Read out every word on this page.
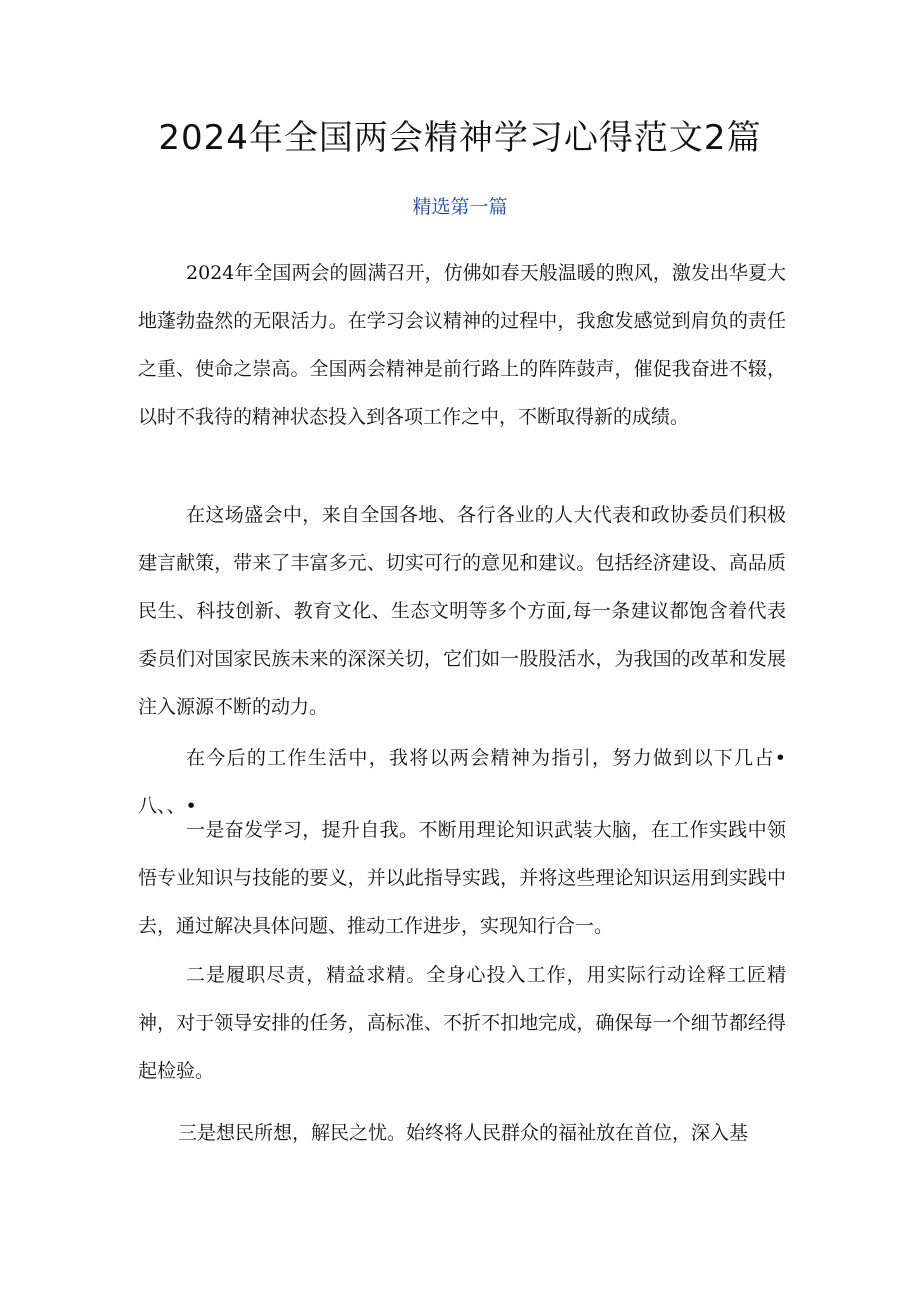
2024年全国两会精神学习心得范文2篇
精选第一篇

2024年全国两会的圆满召开，仿佛如春天般温暖的煦风，激发出华夏大地蓬勃盎然的无限活力。在学习会议精神的过程中，我愈发感觉到肩负的责任之重、使命之崇高。全国两会精神是前行路上的阵阵鼓声，催促我奋进不辍，以时不我待的精神状态投入到各项工作之中，不断取得新的成绩。

在这场盛会中，来自全国各地、各行各业的人大代表和政协委员们积极建言献策，带来了丰富多元、切实可行的意见和建议。包括经济建设、高品质民生、科技创新、教育文化、生态文明等多个方面,每一条建议都饱含着代表委员们对国家民族未来的深深关切，它们如一股股活水，为我国的改革和发展注入源源不断的动力。

在今后的工作生活中，我将以两会精神为指引，努力做到以下几占•八、、•

一是奋发学习，提升自我。不断用理论知识武装大脑，在工作实践中领悟专业知识与技能的要义，并以此指导实践，并将这些理论知识运用到实践中去，通过解决具体问题、推动工作进步，实现知行合一。

二是履职尽责，精益求精。全身心投入工作，用实际行动诠释工匠精神，对于领导安排的任务，高标准、不折不扣地完成，确保每一个细节都经得起检验。

三是想民所想，解民之忧。始终将人民群众的福祉放在首位，深入基
